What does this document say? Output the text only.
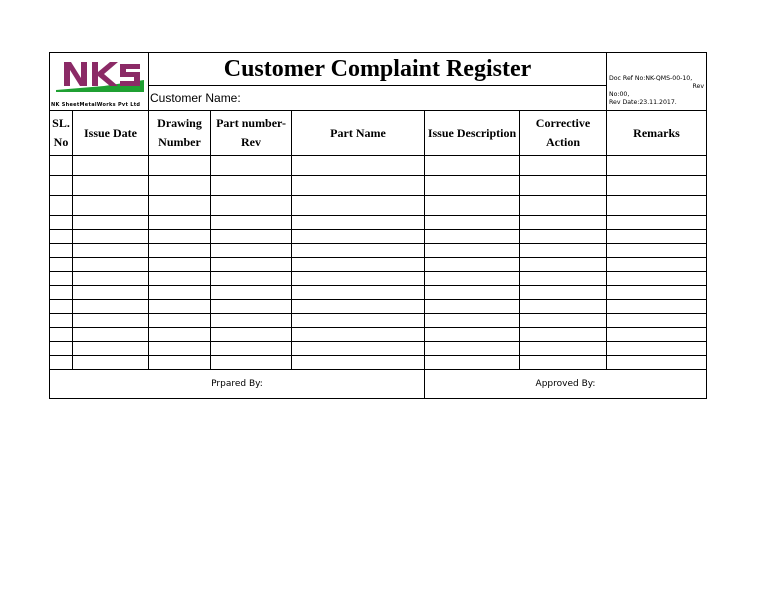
NK SheetMetalWorks Pvt Ltd		Customer Complaint Register					Doc Ref No:NK-QMS-00-10,
Rev
No:00,
Rev Date:23.11.2017.

		Customer Name:					
SL. No	Issue Date	Drawing Number	Part number-Rev	Part Name	Issue Description	Corrective Action	Remarks

Prpared By:					Approved By:		
